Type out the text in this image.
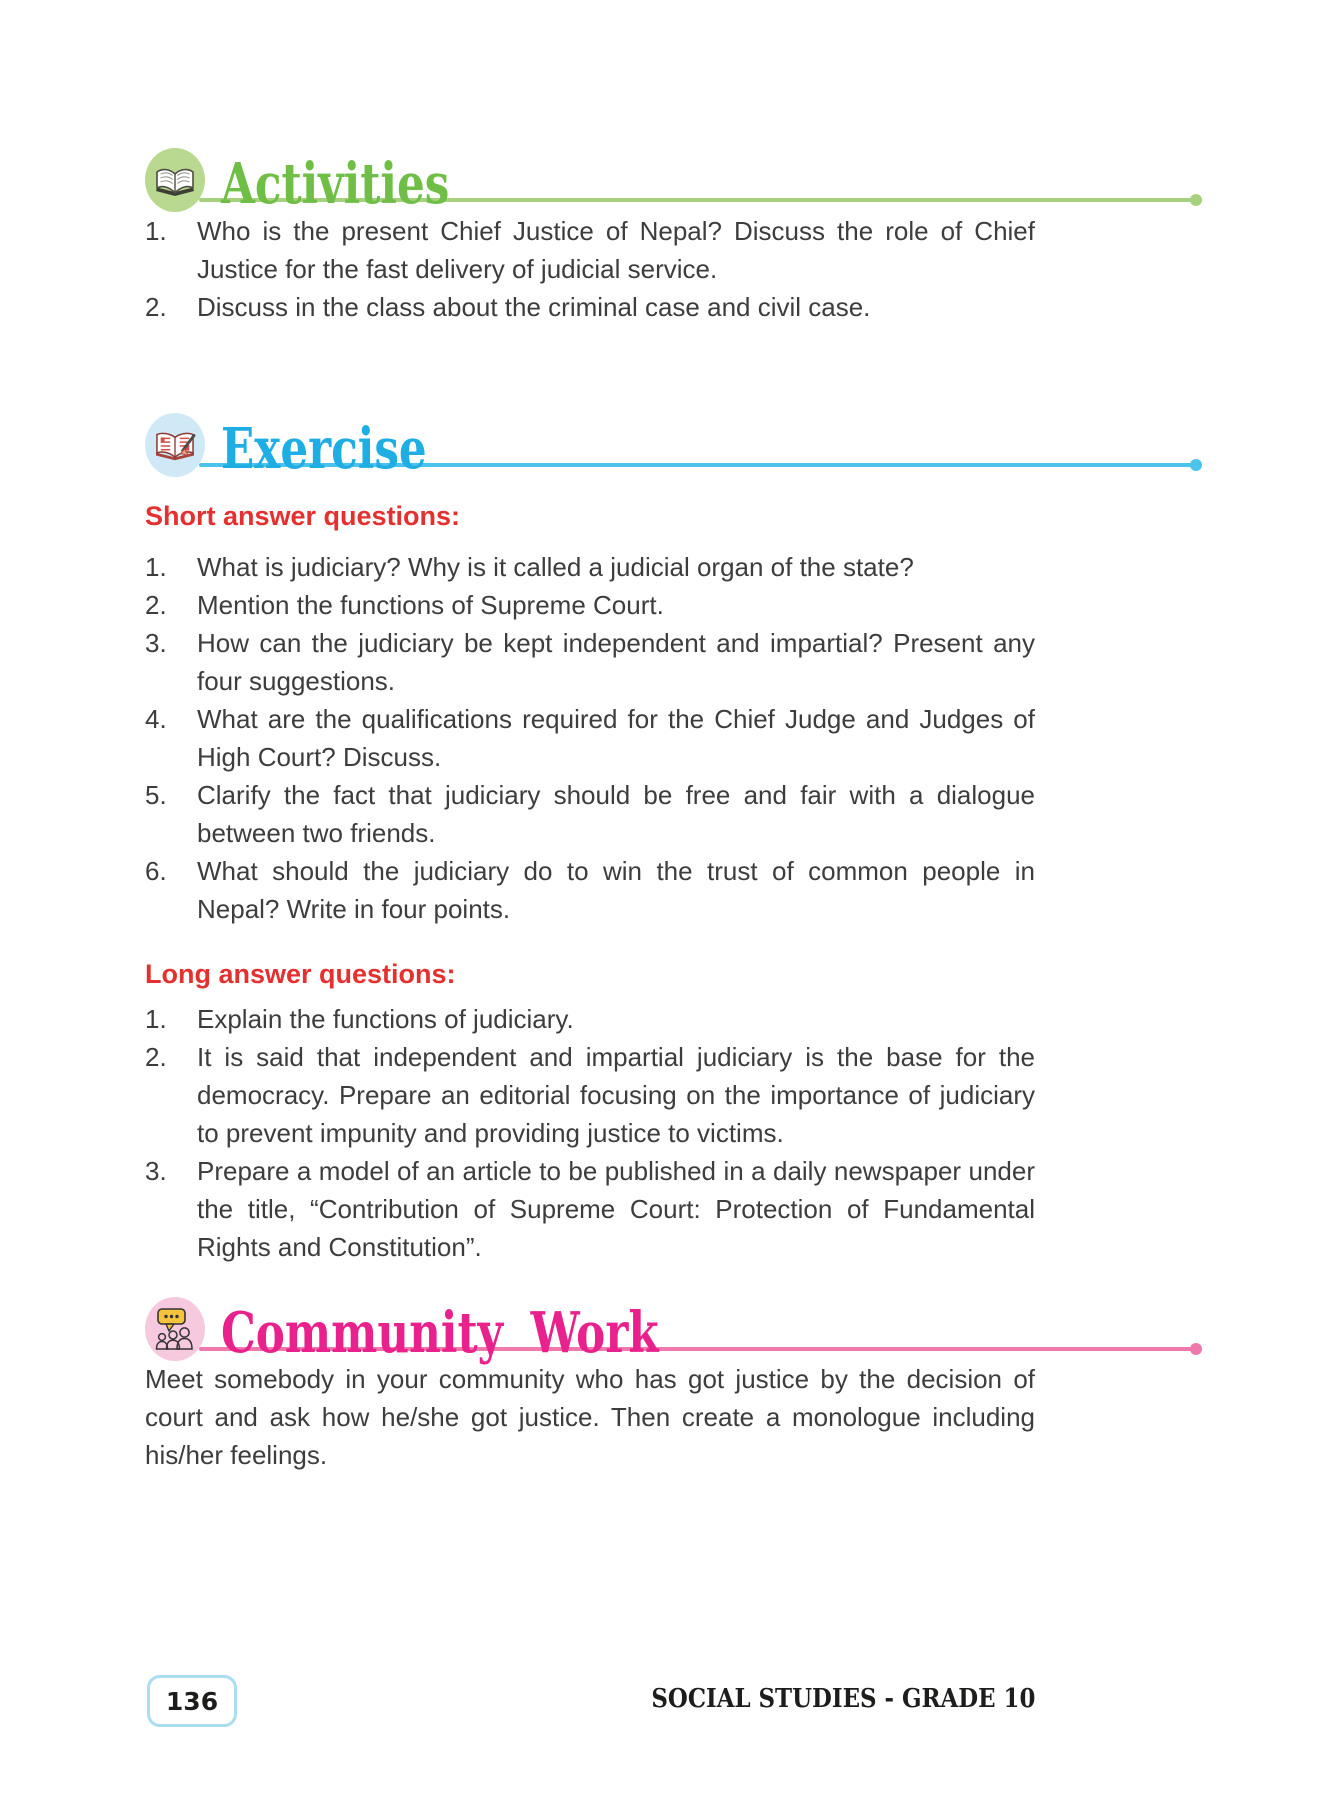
Activities
1.	Who is the present Chief Justice of Nepal? Discuss the role of Chief Justice for the fast delivery of judicial service.
2.	Discuss in the class about the criminal case and civil case.
Exercise
Short answer questions:
1.	What is judiciary? Why is it called a judicial organ of the state?
2.	Mention the functions of Supreme Court.
3.	How can the judiciary be kept independent and impartial? Present any four suggestions.
4.	What are the qualifications required for the Chief Judge and Judges of High Court? Discuss.
5.	Clarify the fact that judiciary should be free and fair with a dialogue between two friends.
6.	What should the judiciary do to win the trust of common people in Nepal? Write in four points.
Long answer questions:
1.	Explain the functions of judiciary.
2.	It is said that independent and impartial judiciary is the base for the democracy. Prepare an editorial focusing on the importance of judiciary to prevent impunity and providing justice to victims.
3.	Prepare a model of an article to be published in a daily newspaper under the title, “Contribution of Supreme Court: Protection of Fundamental Rights and Constitution”.
Community Work
Meet somebody in your community who has got justice by the decision of court and ask how he/she got justice. Then create a monologue including his/her feelings.
136	SOCIAL STUDIES - GRADE 10
